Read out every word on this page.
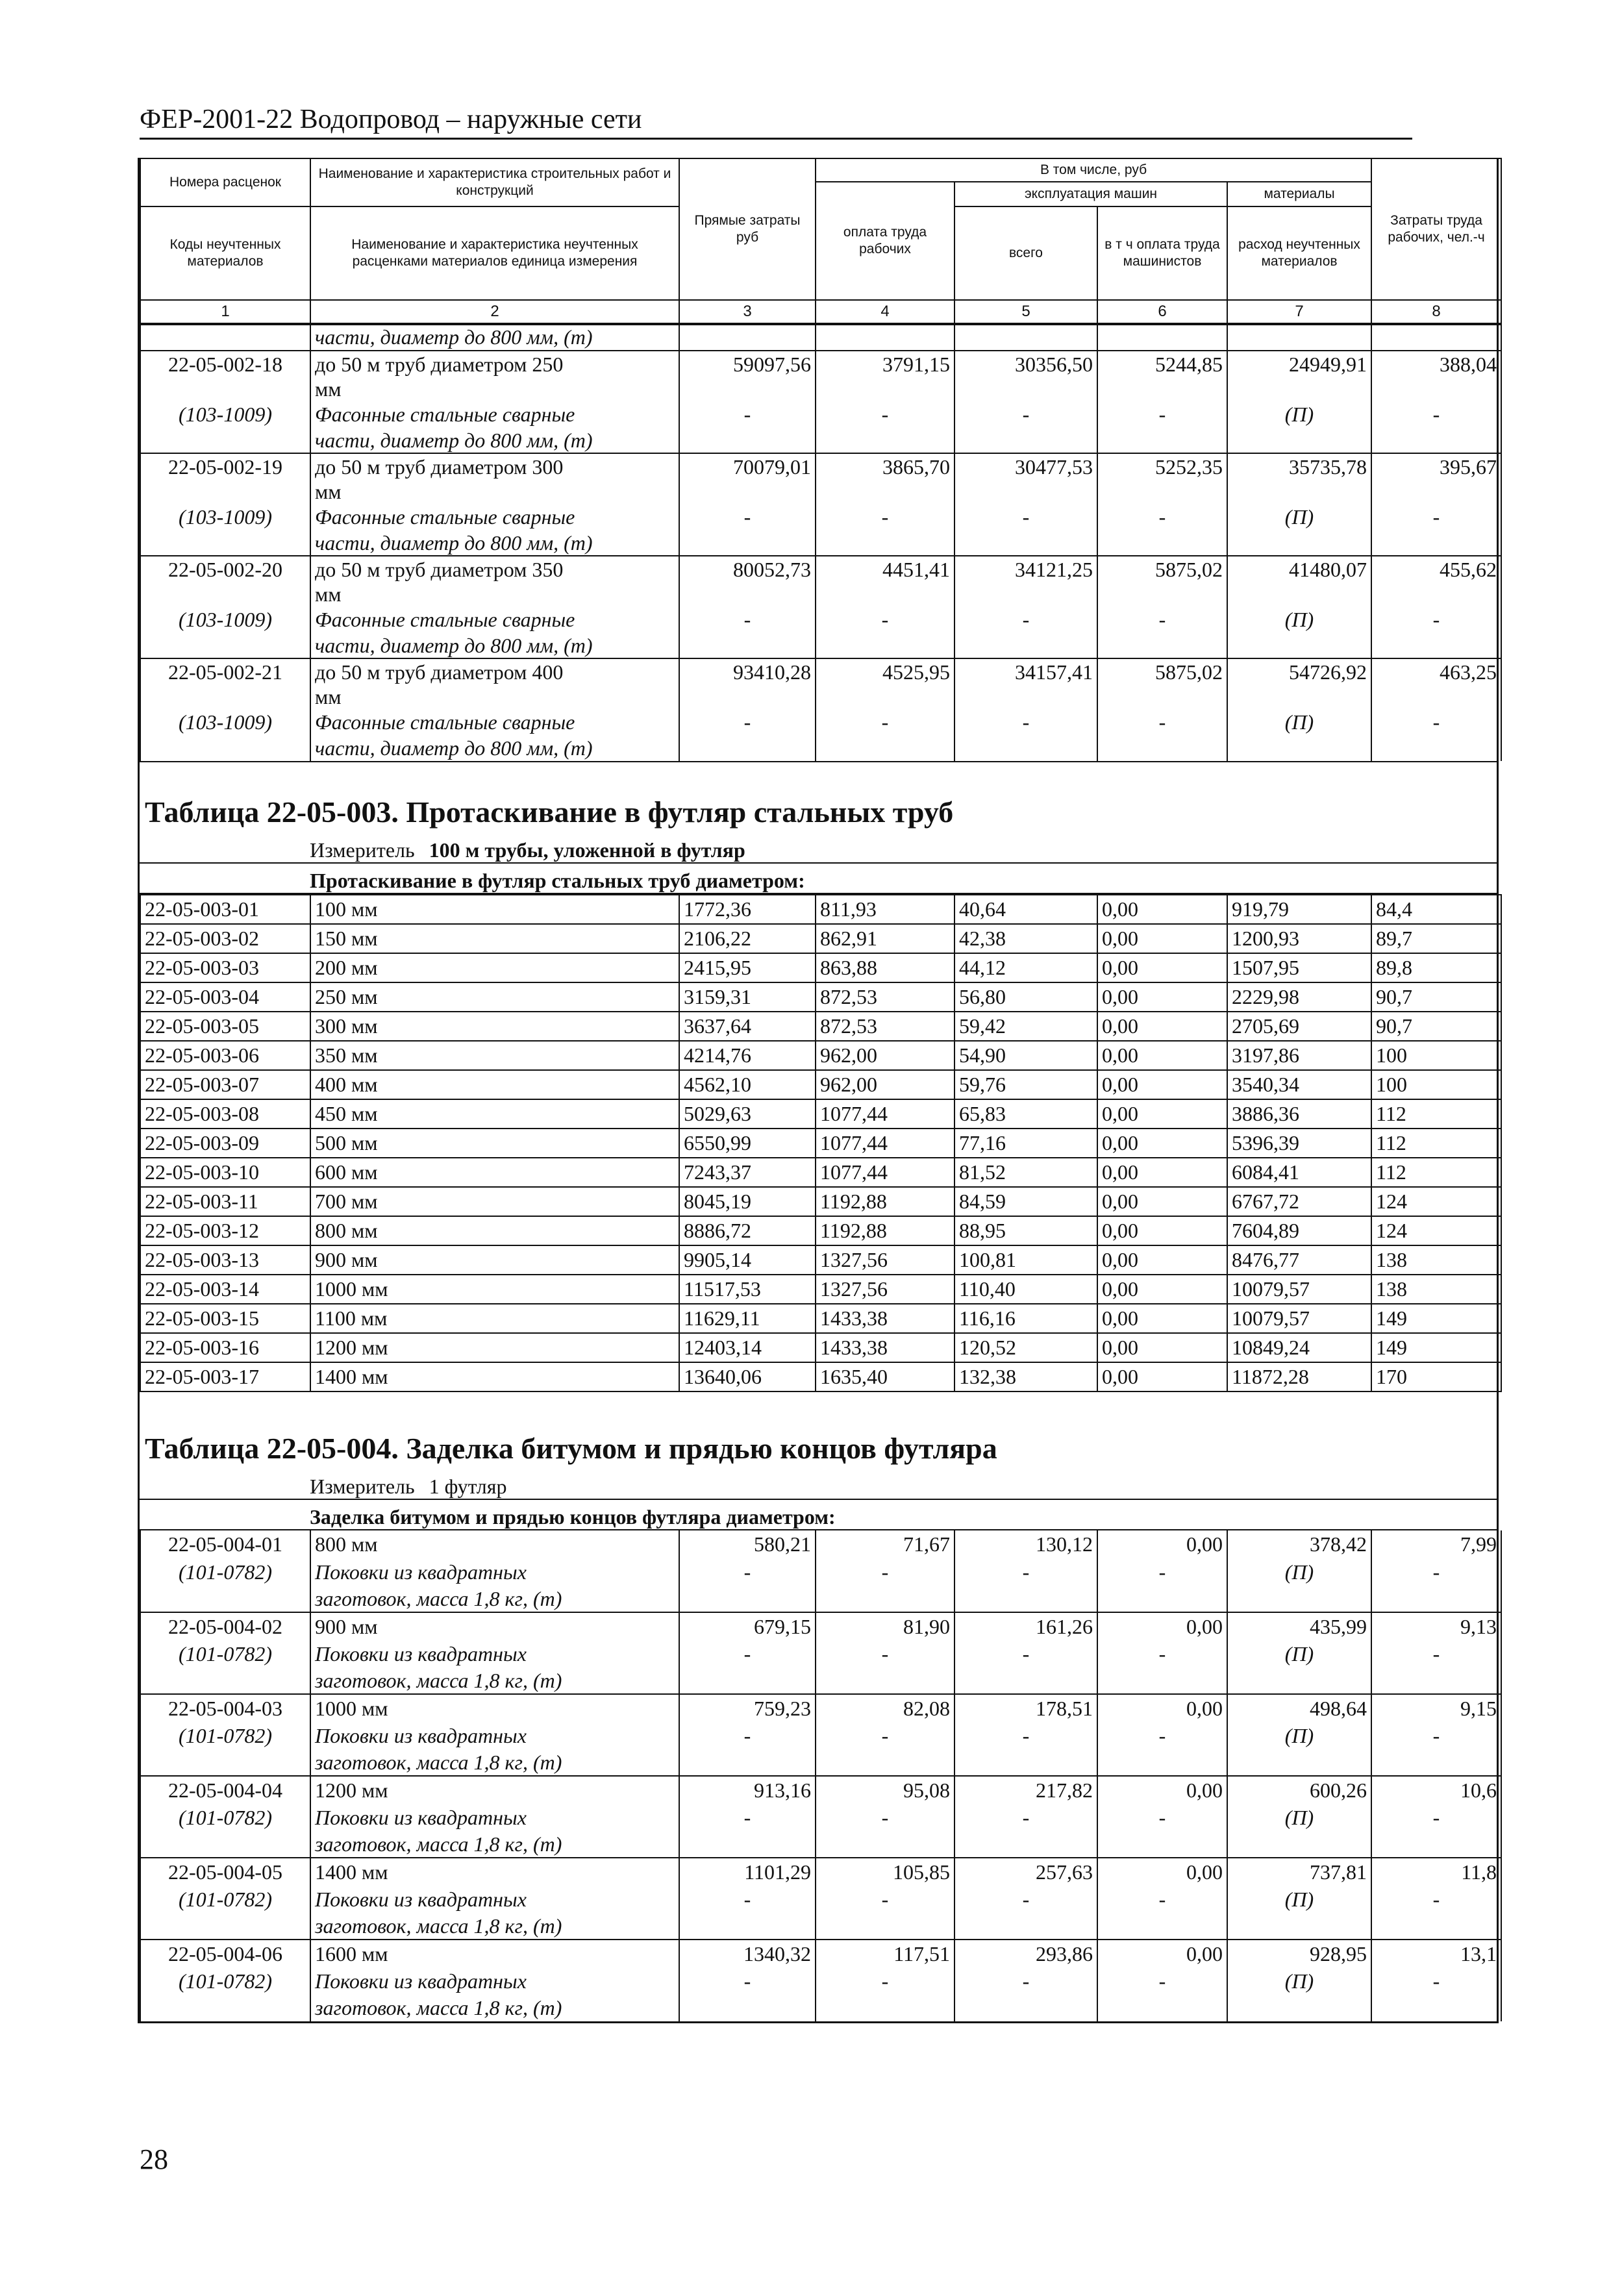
ФЕР-2001-22 Водопровод – наружные сети
Номера расценок	Наименование и характеристика строительных работ и конструкций	Прямые затраты руб	В том числе, руб				Затраты труда рабочих, чел.-ч
			оплата труда рабочих	эксплуатация машин		материалы	
Коды неучтенных материалов	Наименование и характеристика неучтенных расценками материалов единица измерения			всего	в т ч оплата труда машинистов	расход неучтенных материалов	

1	2	3	4	5	6	7	8
	части, диаметр до 800 мм, (т)						
22-05-002-18	до 50 м труб диаметром 250	59097,56	3791,15	30356,50	5244,85	24949,91	388,04
	мм						
(103-1009)	Фасонные стальные сварные	-	-	-	-	(П)	-
	части, диаметр до 800 мм, (т)						
22-05-002-19	до 50 м труб диаметром 300	70079,01	3865,70	30477,53	5252,35	35735,78	395,67
	мм						
(103-1009)	Фасонные стальные сварные	-	-	-	-	(П)	-
	части, диаметр до 800 мм, (т)						
22-05-002-20	до 50 м труб диаметром 350	80052,73	4451,41	34121,25	5875,02	41480,07	455,62
	мм						
(103-1009)	Фасонные стальные сварные	-	-	-	-	(П)	-
	части, диаметр до 800 мм, (т)						
22-05-002-21	до 50 м труб диаметром 400	93410,28	4525,95	34157,41	5875,02	54726,92	463,25
	мм						
(103-1009)	Фасонные стальные сварные	-	-	-	-	(П)	-
	части, диаметр до 800 мм, (т)						
Таблица 22-05-003. Протаскивание в футляр стальных труб
Измеритель 100 м трубы, уложенной в футляр
Протаскивание в футляр стальных труб диаметром:
22-05-003-01	100 мм	1772,36	811,93	40,64	0,00	919,79	84,4
22-05-003-02	150 мм	2106,22	862,91	42,38	0,00	1200,93	89,7
22-05-003-03	200 мм	2415,95	863,88	44,12	0,00	1507,95	89,8
22-05-003-04	250 мм	3159,31	872,53	56,80	0,00	2229,98	90,7
22-05-003-05	300 мм	3637,64	872,53	59,42	0,00	2705,69	90,7
22-05-003-06	350 мм	4214,76	962,00	54,90	0,00	3197,86	100
22-05-003-07	400 мм	4562,10	962,00	59,76	0,00	3540,34	100
22-05-003-08	450 мм	5029,63	1077,44	65,83	0,00	3886,36	112
22-05-003-09	500 мм	6550,99	1077,44	77,16	0,00	5396,39	112
22-05-003-10	600 мм	7243,37	1077,44	81,52	0,00	6084,41	112
22-05-003-11	700 мм	8045,19	1192,88	84,59	0,00	6767,72	124
22-05-003-12	800 мм	8886,72	1192,88	88,95	0,00	7604,89	124
22-05-003-13	900 мм	9905,14	1327,56	100,81	0,00	8476,77	138
22-05-003-14	1000 мм	11517,53	1327,56	110,40	0,00	10079,57	138
22-05-003-15	1100 мм	11629,11	1433,38	116,16	0,00	10079,57	149
22-05-003-16	1200 мм	12403,14	1433,38	120,52	0,00	10849,24	149
22-05-003-17	1400 мм	13640,06	1635,40	132,38	0,00	11872,28	170
Таблица 22-05-004. Заделка битумом и прядью концов футляра
Измеритель 1 футляр
Заделка битумом и прядью концов футляра диаметром:
22-05-004-01	800 мм	580,21	71,67	130,12	0,00	378,42	7,99
(101-0782)	Поковки из квадратных	-	-	-	-	(П)	-
	заготовок, масса 1,8 кг, (т)						
22-05-004-02	900 мм	679,15	81,90	161,26	0,00	435,99	9,13
(101-0782)	Поковки из квадратных	-	-	-	-	(П)	-
	заготовок, масса 1,8 кг, (т)						
22-05-004-03	1000 мм	759,23	82,08	178,51	0,00	498,64	9,15
(101-0782)	Поковки из квадратных	-	-	-	-	(П)	-
	заготовок, масса 1,8 кг, (т)						
22-05-004-04	1200 мм	913,16	95,08	217,82	0,00	600,26	10,6
(101-0782)	Поковки из квадратных	-	-	-	-	(П)	-
	заготовок, масса 1,8 кг, (т)						
22-05-004-05	1400 мм	1101,29	105,85	257,63	0,00	737,81	11,8
(101-0782)	Поковки из квадратных	-	-	-	-	(П)	-
	заготовок, масса 1,8 кг, (т)						
22-05-004-06	1600 мм	1340,32	117,51	293,86	0,00	928,95	13,1
(101-0782)	Поковки из квадратных	-	-	-	-	(П)	-
	заготовок, масса 1,8 кг, (т)						
28
